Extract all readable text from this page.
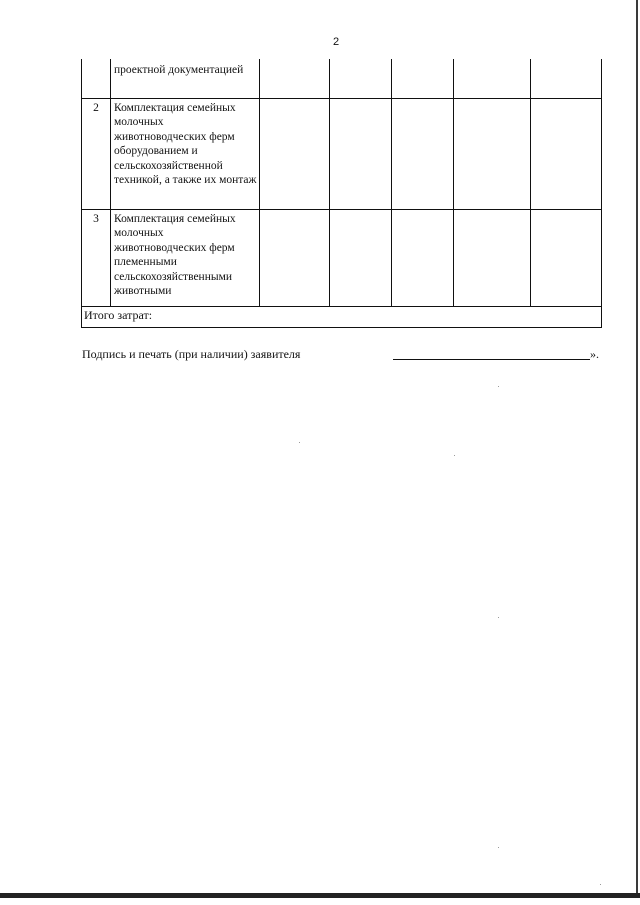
2
	проектной документацией					
2	Комплектация семейных молочных животноводческих ферм оборудованием и сельскохозяйственной техникой, а также их монтаж					
3	Комплектация семейных молочных животноводческих ферм племенными сельскохозяйственными животными					
Итого затрат:						
Подпись и печать (при наличии) заявителя	».
